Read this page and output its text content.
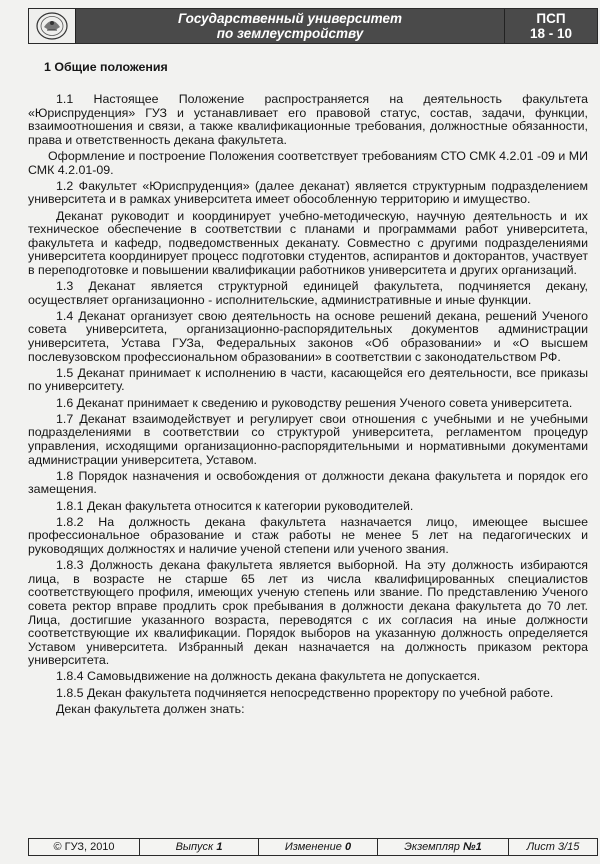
Государственный университет
по землеустройству
ПСП
18 - 10
1 Общие положения

1.1 Настоящее Положение распространяется на деятельность факультета «Юриспруденция» ГУЗ и устанавливает его правовой статус, состав, задачи, функции, взаимоотношения и связи, а также квалификационные требования, должностные обязанности, права и ответственность декана факультета.

Оформление и построение Положения соответствует требованиям СТО СМК 4.2.01 -09 и МИ СМК 4.2.01-09.

1.2 Факультет «Юриспруденция» (далее деканат) является структурным подразделением университета и в рамках университета имеет обособленную территорию и имущество.

Деканат руководит и координирует учебно-методическую, научную деятельность и их техническое обеспечение в соответствии с планами и программами работ университета, факультета и кафедр, подведомственных деканату. Совместно с другими подразделениями университета координирует процесс подготовки студентов, аспирантов и докторантов, участвует в переподготовке и повышении квалификации работников университета и других организаций.

1.3 Деканат является структурной единицей факультета, подчиняется декану, осуществляет организационно - исполнительские, административные и иные функции.

1.4 Деканат организует свою деятельность на основе решений декана, решений Ученого совета университета, организационно-распорядительных документов администрации университета, Устава ГУЗа, Федеральных законов «Об образовании» и «О высшем послевузовском профессиональном образовании» в соответствии с законодательством РФ.

1.5 Деканат принимает к исполнению в части, касающейся его деятельности, все приказы по университету.

1.6 Деканат принимает к сведению и руководству решения Ученого совета университета.

1.7 Деканат взаимодействует и регулирует свои отношения с учебными и не учебными подразделениями в соответствии со структурой университета, регламентом процедур управления, исходящими организационно-распорядительными и нормативными документами администрации университета, Уставом.

1.8 Порядок назначения и освобождения от должности декана факультета и порядок его замещения.

1.8.1 Декан факультета относится к категории руководителей.

1.8.2 На должность декана факультета назначается лицо, имеющее высшее профессиональное образование и стаж работы не менее 5 лет на педагогических и руководящих должностях и наличие ученой степени или ученого звания.

1.8.3 Должность декана факультета является выборной. На эту должность избираются лица, в возрасте не старше 65 лет из числа квалифицированных специалистов соответствующего профиля, имеющих ученую степень или звание. По представлению Ученого совета ректор вправе продлить срок пребывания в должности декана факультета до 70 лет. Лица, достигшие указанного возраста, переводятся с их согласия на иные должности соответствующие их квалификации. Порядок выборов на указанную должность определяется Уставом университета. Избранный декан назначается на должность приказом ректора университета.

1.8.4 Самовыдвижение на должность декана факультета не допускается.

1.8.5 Декан факультета подчиняется непосредственно проректору по учебной работе.

Декан факультета должен знать:

© ГУЗ, 2010	Выпуск 1	Изменение 0	Экземпляр №1	Лист 3/15
